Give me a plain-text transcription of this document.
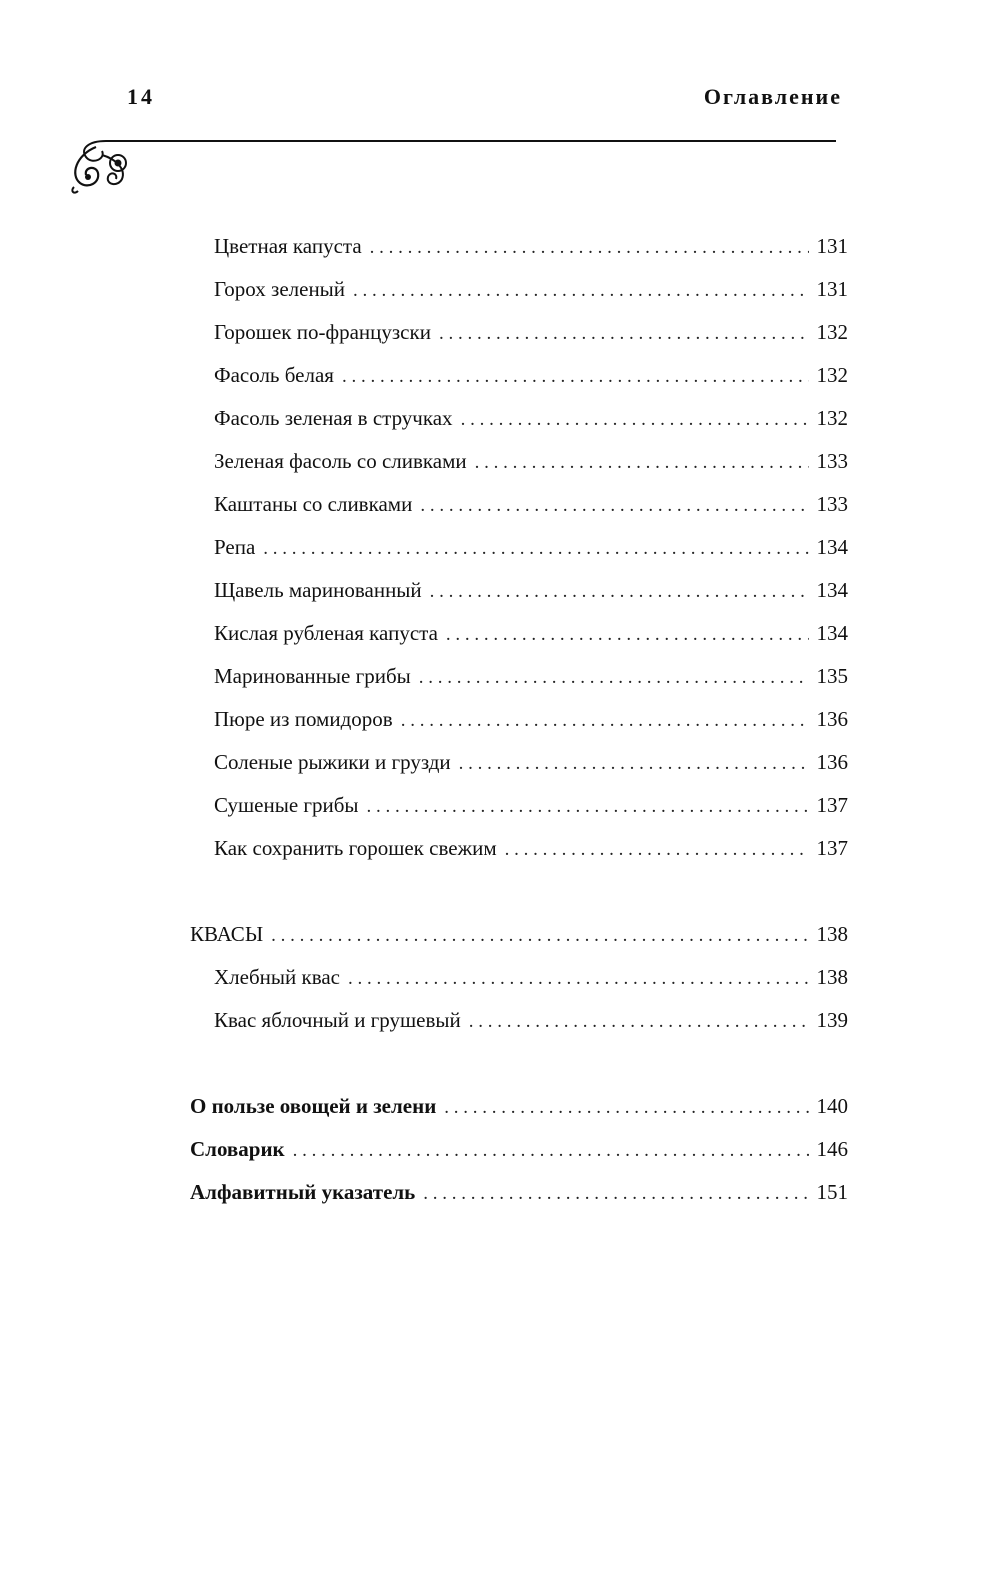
14	Оглавление
Цветная капуста . . .	131
Горох зеленый . . .	131
Горошек по-французски . . .	132
Фасоль белая . . .	132
Фасоль зеленая в стручках . . .	132
Зеленая фасоль со сливками . . .	133
Каштаны со сливками . . .	133
Репа . . .	134
Щавель маринованный . . .	134
Кислая рубленая капуста . . .	134
Маринованные грибы . . .	135
Пюре из помидоров . . .	136
Соленые рыжики и грузди . . .	136
Сушеные грибы . . .	137
Как сохранить горошек свежим . . .	137
КВАСЫ . . .	138
Хлебный квас . . .	138
Квас яблочный и грушевый . . .	139
О пользе овощей и зелени . . .	140
Словарик . . .	146
Алфавитный указатель . . .	151
